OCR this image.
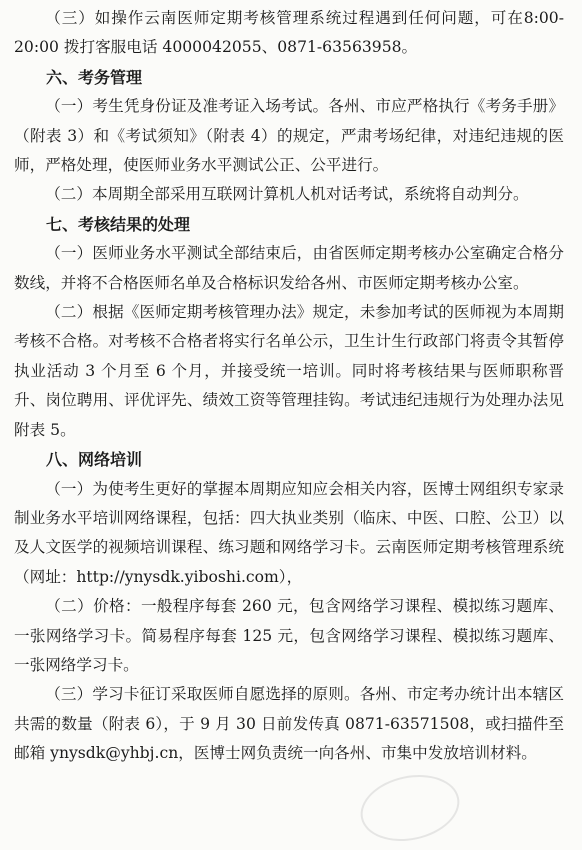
（三）如操作云南医师定期考核管理系统过程遇到任何问题，可在8:00-20:00 拨打客服电话 4000042055、0871-63563958。

六、考务管理

（一）考生凭身份证及准考证入场考试。各州、市应严格执行《考务手册》（附表 3）和《考试须知》（附表 4）的规定，严肃考场纪律，对违纪违规的医师，严格处理，使医师业务水平测试公正、公平进行。

（二）本周期全部采用互联网计算机人机对话考试，系统将自动判分。

七、考核结果的处理

（一）医师业务水平测试全部结束后，由省医师定期考核办公室确定合格分数线，并将不合格医师名单及合格标识发给各州、市医师定期考核办公室。

（二）根据《医师定期考核管理办法》规定，未参加考试的医师视为本周期考核不合格。对考核不合格者将实行名单公示，卫生计生行政部门将责令其暂停执业活动 3 个月至 6 个月，并接受统一培训。同时将考核结果与医师职称晋升、岗位聘用、评优评先、绩效工资等管理挂钩。考试违纪违规行为处理办法见附表 5。

八、网络培训

（一）为使考生更好的掌握本周期应知应会相关内容，医博士网组织专家录制业务水平培训网络课程，包括：四大执业类别（临床、中医、口腔、公卫）以及人文医学的视频培训课程、练习题和网络学习卡。云南医师定期考核管理系统（网址：http://ynysdk.yiboshi.com），

（二）价格：一般程序每套 260 元，包含网络学习课程、模拟练习题库、一张网络学习卡。简易程序每套 125 元，包含网络学习课程、模拟练习题库、一张网络学习卡。

（三）学习卡征订采取医师自愿选择的原则。各州、市定考办统计出本辖区共需的数量（附表 6），于 9 月 30 日前发传真 0871-63571508，或扫描件至邮箱 ynysdk@yhbj.cn，医博士网负责统一向各州、市集中发放培训材料。
